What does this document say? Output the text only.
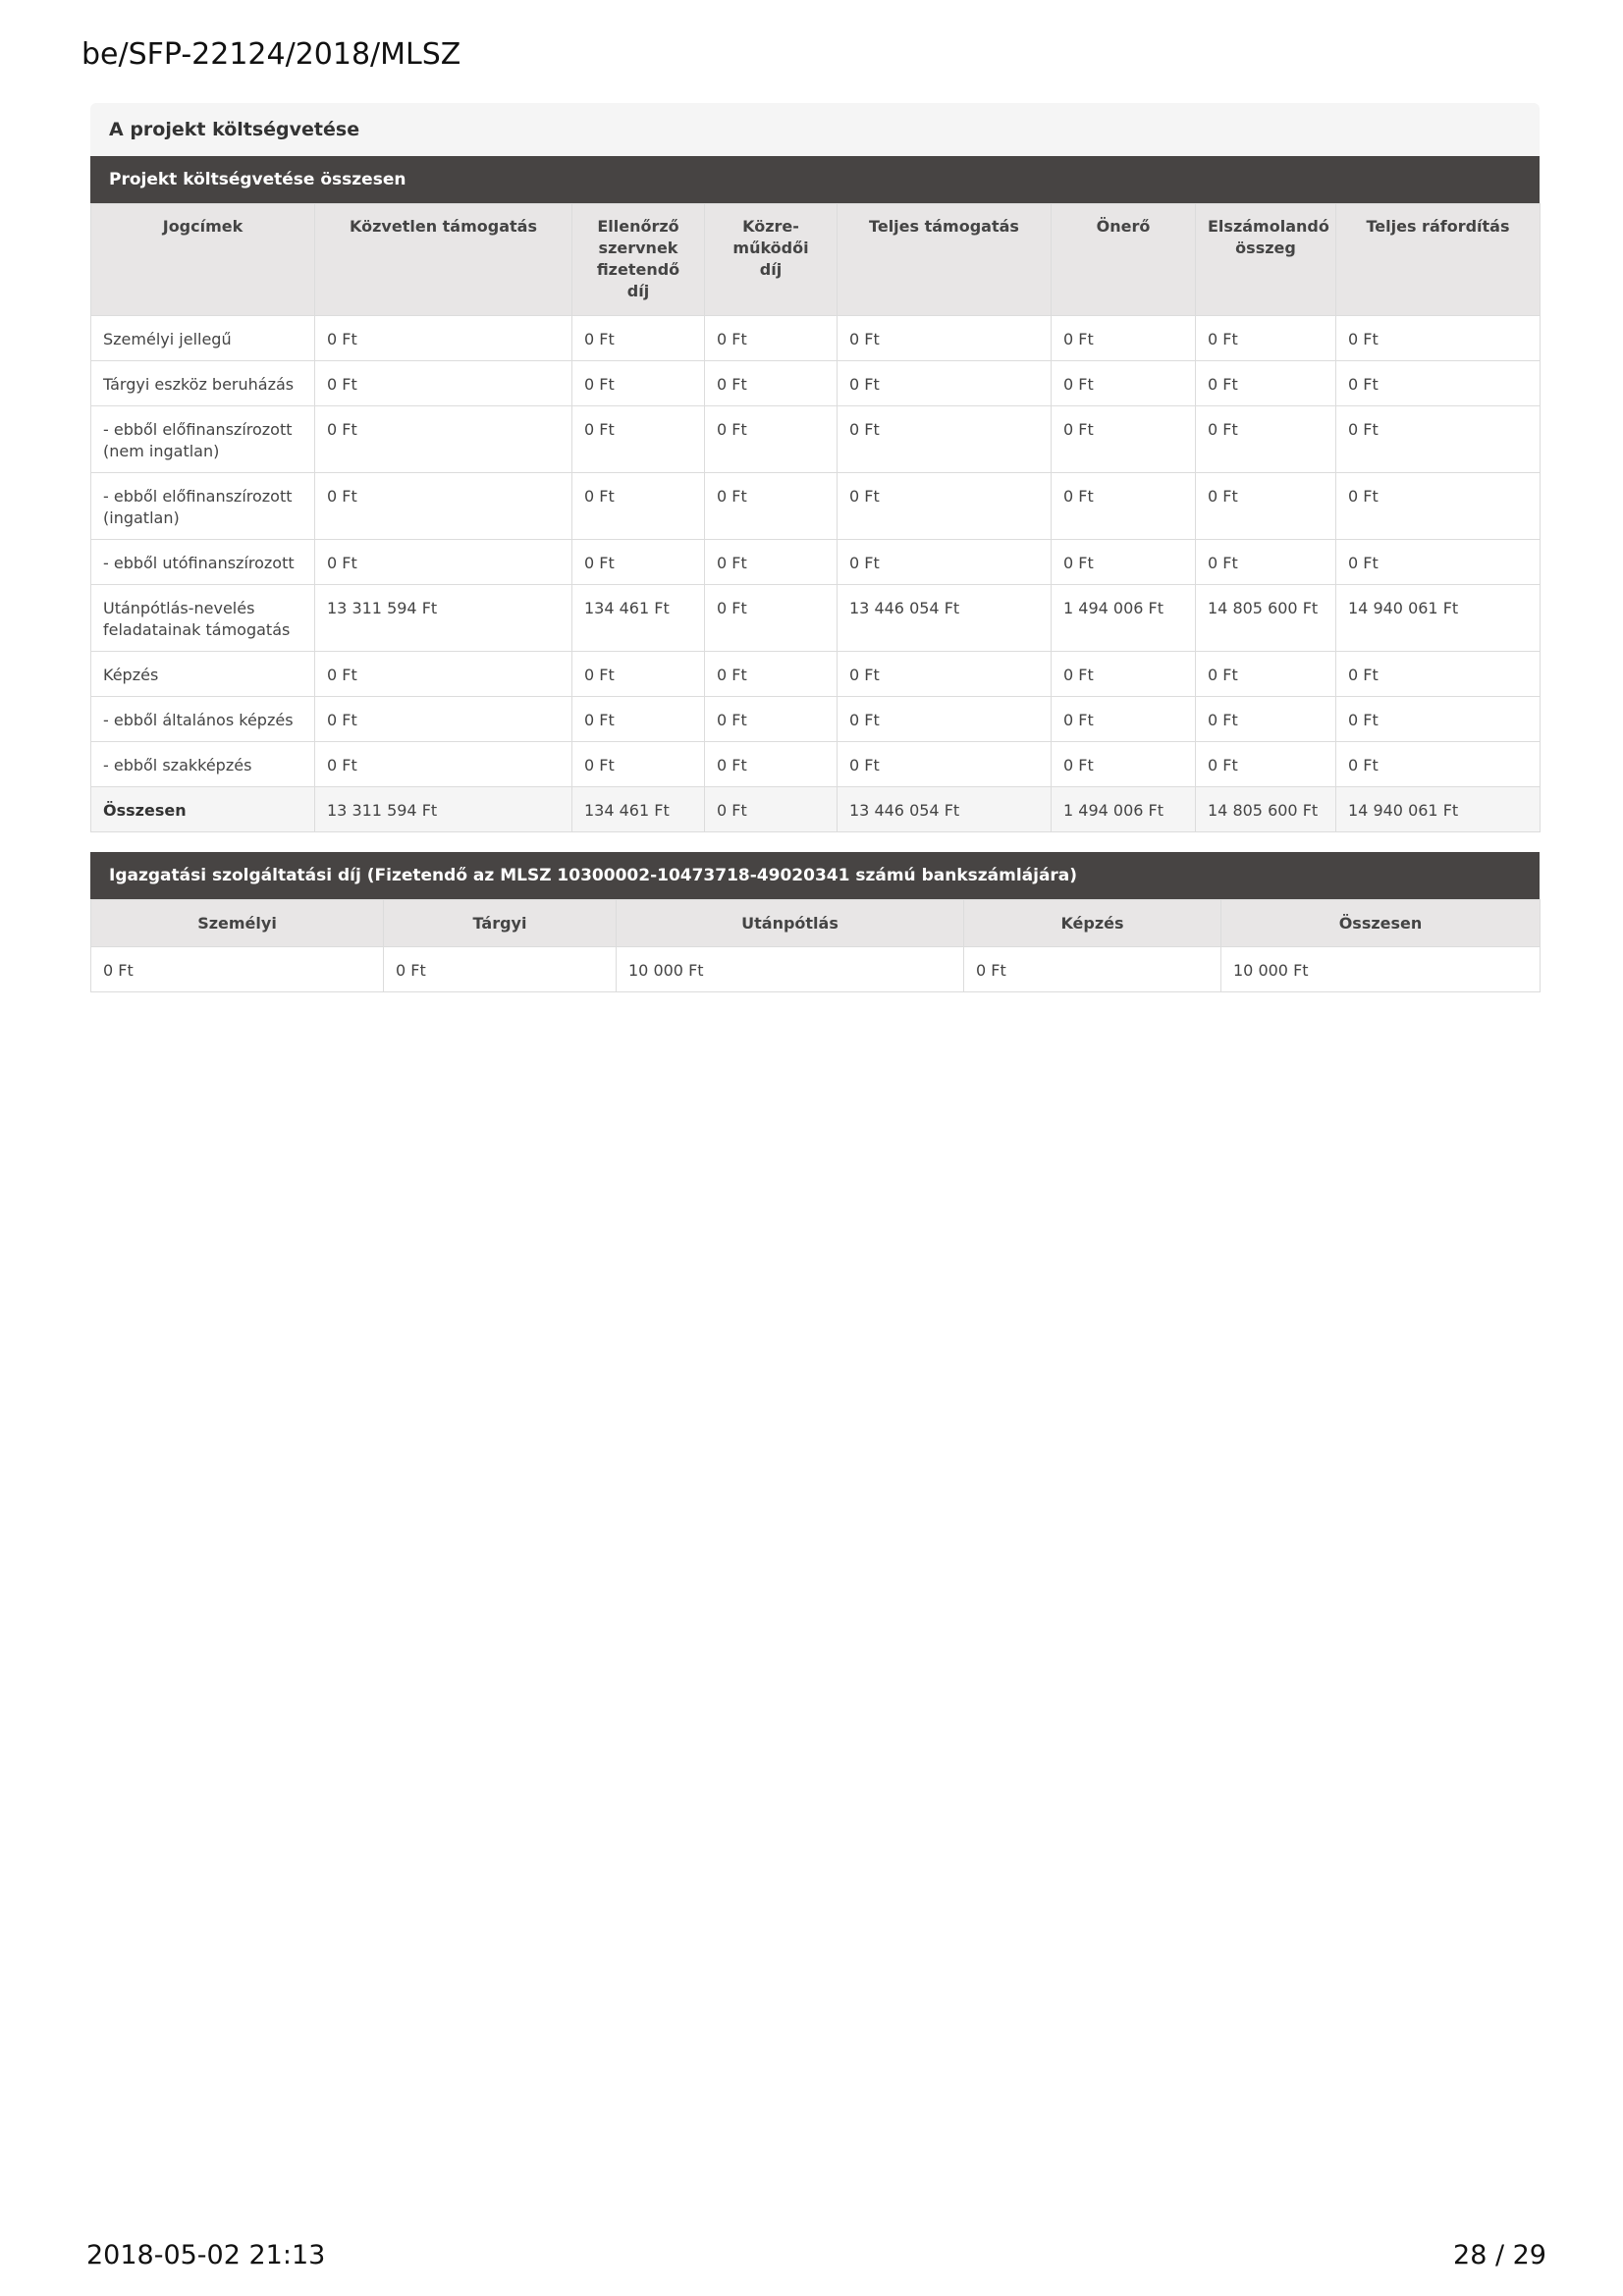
be/SFP-22124/2018/MLSZ
A projekt költségvetése
Projekt költségvetése összesen
Jogcímek	Közvetlen támogatás	Ellenőrző szervnek fizetendő díj	Közre-működői díj	Teljes támogatás	Önerő	Elszámolandó összeg	Teljes ráfordítás
Személyi jellegű	0 Ft	0 Ft	0 Ft	0 Ft	0 Ft	0 Ft	0 Ft
Tárgyi eszköz beruházás	0 Ft	0 Ft	0 Ft	0 Ft	0 Ft	0 Ft	0 Ft
- ebből előfinanszírozott (nem ingatlan)	0 Ft	0 Ft	0 Ft	0 Ft	0 Ft	0 Ft	0 Ft
- ebből előfinanszírozott (ingatlan)	0 Ft	0 Ft	0 Ft	0 Ft	0 Ft	0 Ft	0 Ft
- ebből utófinanszírozott	0 Ft	0 Ft	0 Ft	0 Ft	0 Ft	0 Ft	0 Ft
Utánpótlás-nevelés feladatainak támogatás	13 311 594 Ft	134 461 Ft	0 Ft	13 446 054 Ft	1 494 006 Ft	14 805 600 Ft	14 940 061 Ft
Képzés	0 Ft	0 Ft	0 Ft	0 Ft	0 Ft	0 Ft	0 Ft
- ebből általános képzés	0 Ft	0 Ft	0 Ft	0 Ft	0 Ft	0 Ft	0 Ft
- ebből szakképzés	0 Ft	0 Ft	0 Ft	0 Ft	0 Ft	0 Ft	0 Ft
Összesen	13 311 594 Ft	134 461 Ft	0 Ft	13 446 054 Ft	1 494 006 Ft	14 805 600 Ft	14 940 061 Ft
Igazgatási szolgáltatási díj (Fizetendő az MLSZ 10300002-10473718-49020341 számú bankszámlájára)
Személyi	Tárgyi	Utánpótlás	Képzés	Összesen
0 Ft	0 Ft	10 000 Ft	0 Ft	10 000 Ft
2018-05-02 21:13	28 / 29
